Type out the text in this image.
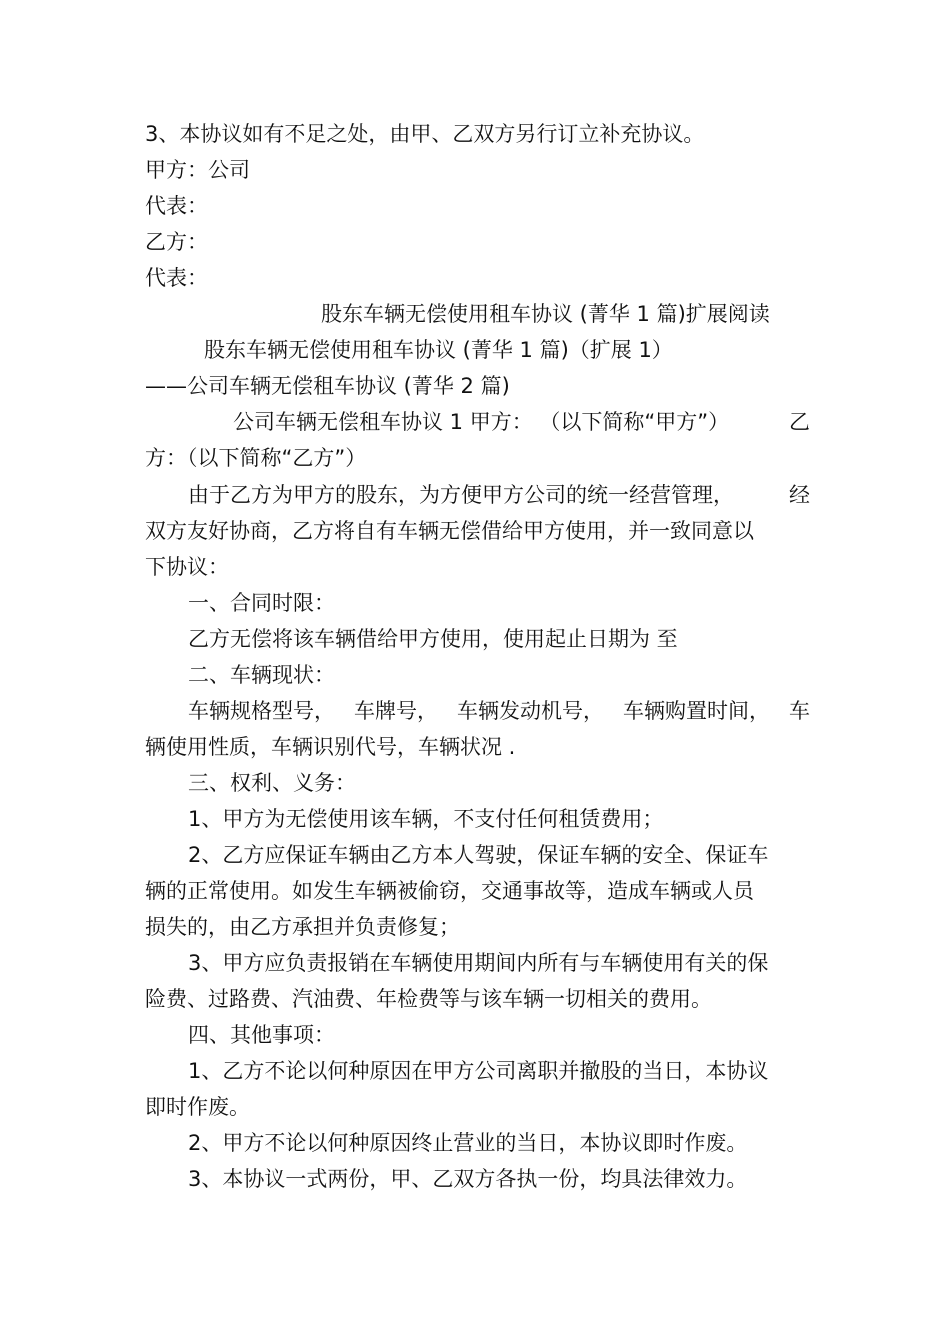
3、本协议如有不足之处，由甲、乙双方另行订立补充协议。
甲方：公司
代表：
乙方：
代表：
股东车辆无偿使用租车协议 (菁华 1 篇)扩展阅读
股东车辆无偿使用租车协议 (菁华 1 篇)（扩展 1）
——公司车辆无偿租车协议 (菁华 2 篇)
公司车辆无偿租车协议 1 甲方： （以下简称“甲方”）	乙
方：（以下简称“乙方”）
由于乙方为甲方的股东，为方便甲方公司的统一经营管理，	经
双方友好协商，乙方将自有车辆无偿借给甲方使用，并一致同意以
下协议：
一、合同时限：
乙方无偿将该车辆借给甲方使用，使用起止日期为 至
二、车辆现状：
车辆规格型号， 车牌号， 车辆发动机号， 车辆购置时间， 车
辆使用性质，车辆识别代号，车辆状况 .
三、权利、义务：
1、甲方为无偿使用该车辆，不支付任何租赁费用；
2、乙方应保证车辆由乙方本人驾驶，保证车辆的安全、保证车
辆的正常使用。如发生车辆被偷窃，交通事故等，造成车辆或人员
损失的，由乙方承担并负责修复；
3、甲方应负责报销在车辆使用期间内所有与车辆使用有关的保
险费、过路费、汽油费、年检费等与该车辆一切相关的费用。
四、其他事项：
1、乙方不论以何种原因在甲方公司离职并撤股的当日，本协议
即时作废。
2、甲方不论以何种原因终止营业的当日，本协议即时作废。
3、本协议一式两份，甲、乙双方各执一份，均具法律效力。
